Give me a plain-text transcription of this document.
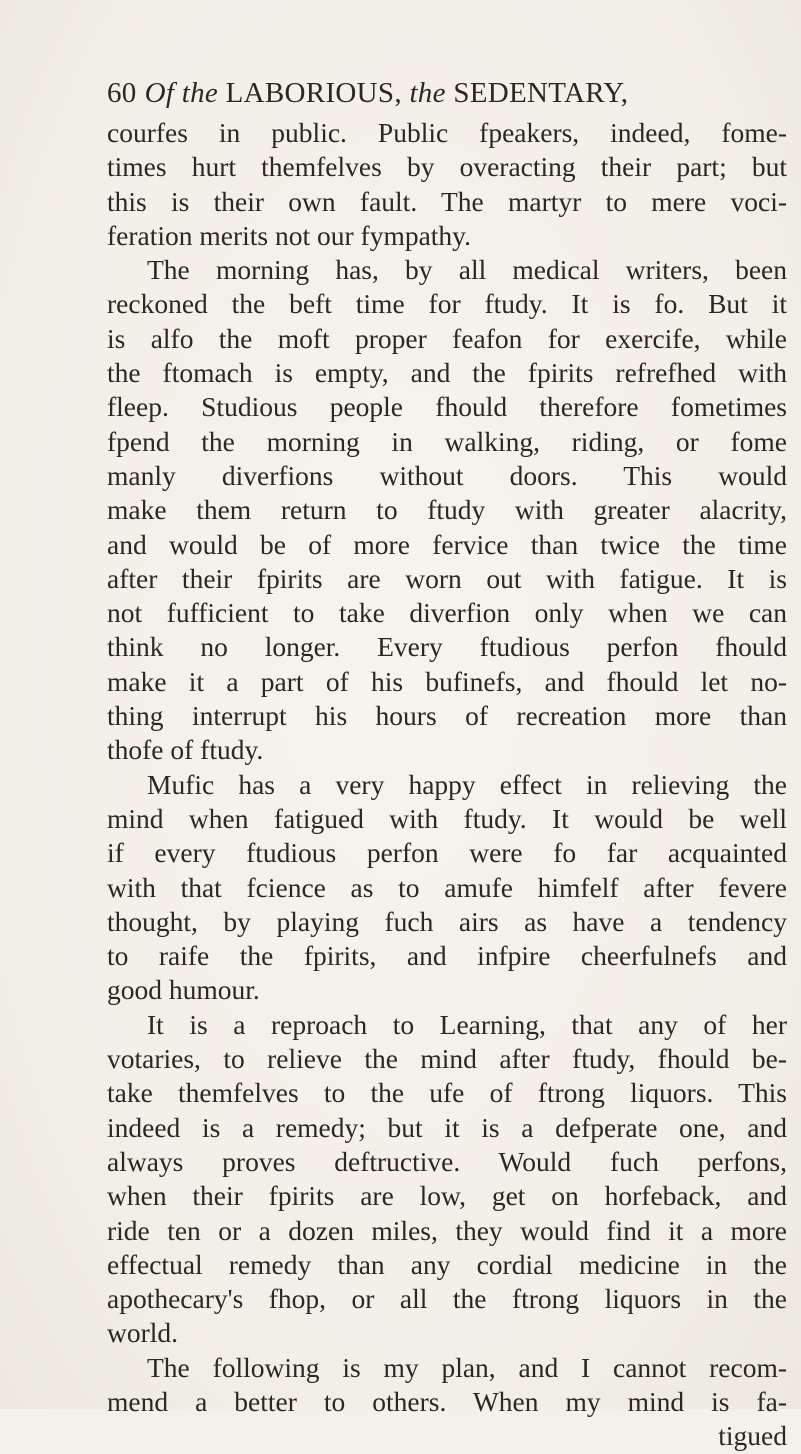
60 Of the LABORIOUS, the SEDENTARY,
courfes in public. Public fpeakers, indeed, fome-
times hurt themfelves by overacting their part; but
this is their own fault. The martyr to mere voci-
feration merits not our fympathy.
The morning has, by all medical writers, been
reckoned the beft time for ftudy. It is fo. But it
is alfo the moft proper feafon for exercife, while
the ftomach is empty, and the fpirits refrefhed with
fleep. Studious people fhould therefore fometimes
fpend the morning in walking, riding, or fome
manly diverfions without doors. This would
make them return to ftudy with greater alacrity,
and would be of more fervice than twice the time
after their fpirits are worn out with fatigue. It is
not fufficient to take diverfion only when we can
think no longer. Every ftudious perfon fhould
make it a part of his bufinefs, and fhould let no-
thing interrupt his hours of recreation more than
thofe of ftudy.
Mufic has a very happy effect in relieving the
mind when fatigued with ftudy. It would be well
if every ftudious perfon were fo far acquainted
with that fcience as to amufe himfelf after fevere
thought, by playing fuch airs as have a tendency
to raife the fpirits, and infpire cheerfulnefs and
good humour.
It is a reproach to Learning, that any of her
votaries, to relieve the mind after ftudy, fhould be-
take themfelves to the ufe of ftrong liquors. This
indeed is a remedy; but it is a defperate one, and
always proves deftructive. Would fuch perfons,
when their fpirits are low, get on horfeback, and
ride ten or a dozen miles, they would find it a more
effectual remedy than any cordial medicine in the
apothecary's fhop, or all the ftrong liquors in the
world.
The following is my plan, and I cannot recom-
mend a better to others. When my mind is fa-
tigued
